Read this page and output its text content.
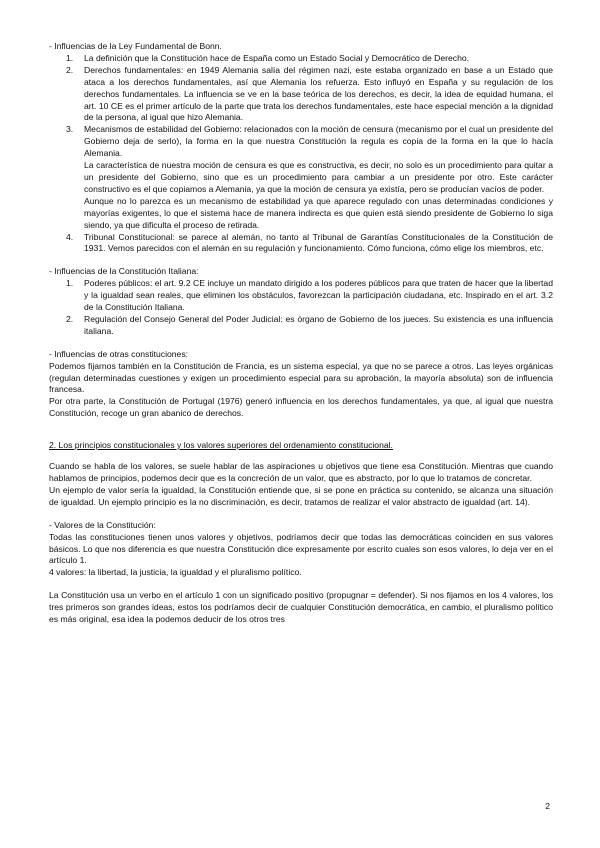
- Influencias de la Ley Fundamental de Bonn.

1. La definición que la Constitución hace de España como un Estado Social y Democrático de Derecho.

2. Derechos fundamentales: en 1949 Alemania salía del régimen nazi, este estaba organizado en base a un Estado que ataca a los derechos fundamentales, así que Alemania los refuerza. Esto influyó en España y su regulación de los derechos fundamentales. La influencia se ve en la base teórica de los derechos, es decir, la idea de equidad humana, el art. 10 CE es el primer artículo de la parte que trata los derechos fundamentales, este hace especial mención a la dignidad de la persona, al igual que hizo Alemania.

3. Mecanismos de estabilidad del Gobierno: relacionados con la moción de censura (mecanismo por el cual un presidente del Gobierno deja de serlo), la forma en la que nuestra Constitución la regula es copia de la forma en la que lo hacía Alemania.

La característica de nuestra moción de censura es que es constructiva, es decir, no solo es un procedimiento para quitar a un presidente del Gobierno, sino que es un procedimiento para cambiar a un presidente por otro. Este carácter constructivo es el que copiamos a Alemania, ya que la moción de censura ya existía, pero se producían vacíos de poder.

Aunque no lo parezca es un mecanismo de estabilidad ya que aparece regulado con unas determinadas condiciones y mayorías exigentes, lo que el sistema hace de manera indirecta es que quien está siendo presidente de Gobierno lo siga siendo, ya que dificulta el proceso de retirada.

4. Tribunal Constitucional: se parece al alemán, no tanto al Tribunal de Garantías Constitucionales de la Constitución de 1931. Vemos parecidos con el alemán en su regulación y funcionamiento. Cómo funciona, cómo elige los miembros, etc.

- Influencias de la Constitución Italiana:

1. Poderes públicos: el art. 9.2 CE incluye un mandato dirigido a los poderes públicos para que traten de hacer que la libertad y la igualdad sean reales, que eliminen los obstáculos, favorezcan la participación ciudadana, etc. Inspirado en el art. 3.2 de la Constitución Italiana.

2. Regulación del Consejo General del Poder Judicial: es órgano de Gobierno de los jueces. Su existencia es una influencia italiana.

- Influencias de otras constituciones:

Podemos fijarnos también en la Constitución de Francia, es un sistema especial, ya que no se parece a otros. Las leyes orgánicas (regulan determinadas cuestiones y exigen un procedimiento especial para su aprobación, la mayoría absoluta) son de influencia francesa.

Por otra parte, la Constitución de Portugal (1976) generó influencia en los derechos fundamentales, ya que, al igual que nuestra Constitución, recoge un gran abanico de derechos.

2. Los principios constitucionales y los valores superiores del ordenamiento constitucional.

Cuando se habla de los valores, se suele hablar de las aspiraciones u objetivos que tiene esa Constitución. Mientras que cuando hablamos de principios, podemos decir que es la concreción de un valor, que es abstracto, por lo que lo tratamos de concretar.

Un ejemplo de valor sería la igualdad, la Constitución entiende que, si se pone en práctica su contenido, se alcanza una situación de igualdad. Un ejemplo principio es la no discriminación, es decir, tratamos de realizar el valor abstracto de igualdad (art. 14).

- Valores de la Constitución:

Todas las constituciones tienen unos valores y objetivos, podríamos decir que todas las democráticas coinciden en sus valores básicos. Lo que nos diferencia es que nuestra Constitución dice expresamente por escrito cuales son esos valores, lo deja ver en el artículo 1.

4 valores: la libertad, la justicia, la igualdad y el pluralismo político.

La Constitución usa un verbo en el artículo 1 con un significado positivo (propugnar = defender). Si nos fijamos en los 4 valores, los tres primeros son grandes ideas, estos los podríamos decir de cualquier Constitución democrática, en cambio, el pluralismo político es más original, esa idea la podemos deducir de los otros tres

2
